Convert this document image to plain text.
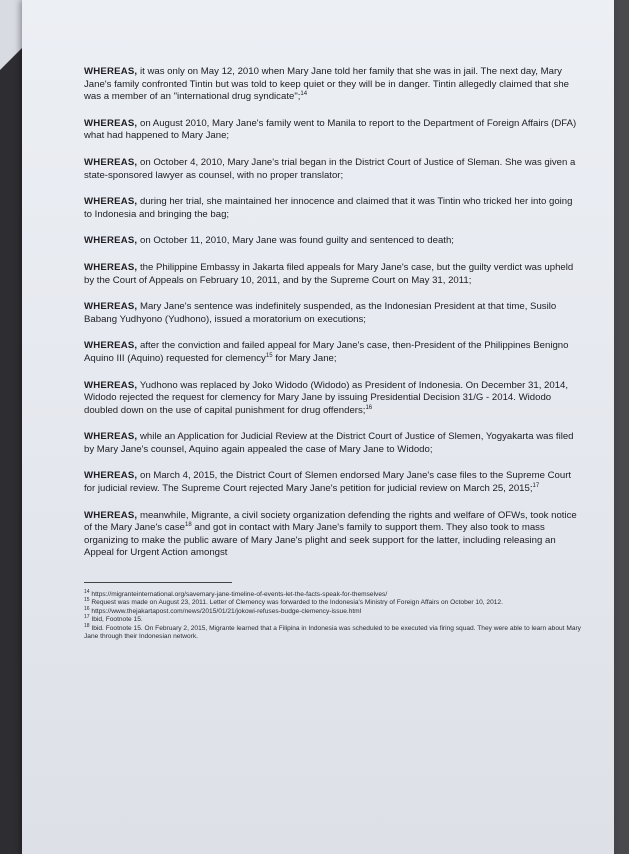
WHEREAS, it was only on May 12, 2010 when Mary Jane told her family that she was in jail. The next day, Mary Jane's family confronted Tintin but was told to keep quiet or they will be in danger. Tintin allegedly claimed that she was a member of an "international drug syndicate";$^{14}$

WHEREAS, on August 2010, Mary Jane's family went to Manila to report to the Department of Foreign Affairs (DFA) what had happened to Mary Jane;

WHEREAS, on October 4, 2010, Mary Jane's trial began in the District Court of Justice of Sleman. She was given a state-sponsored lawyer as counsel, with no proper translator;

WHEREAS, during her trial, she maintained her innocence and claimed that it was Tintin who tricked her into going to Indonesia and bringing the bag;

WHEREAS, on October 11, 2010, Mary Jane was found guilty and sentenced to death;

WHEREAS, the Philippine Embassy in Jakarta filed appeals for Mary Jane's case, but the guilty verdict was upheld by the Court of Appeals on February 10, 2011, and by the Supreme Court on May 31, 2011;

WHEREAS, Mary Jane's sentence was indefinitely suspended, as the Indonesian President at that time, Susilo Babang Yudhyono (Yudhono), issued a moratorium on executions;

WHEREAS, after the conviction and failed appeal for Mary Jane's case, then-President of the Philippines Benigno Aquino III (Aquino) requested for clemency$^{15}$ for Mary Jane;

WHEREAS, Yudhono was replaced by Joko Widodo (Widodo) as President of Indonesia. On December 31, 2014, Widodo rejected the request for clemency for Mary Jane by issuing Presidential Decision 31/G - 2014. Widodo doubled down on the use of capital punishment for drug offenders;$^{16}$

WHEREAS, while an Application for Judicial Review at the District Court of Justice of Slemen, Yogyakarta was filed by Mary Jane's counsel, Aquino again appealed the case of Mary Jane to Widodo;

WHEREAS, on March 4, 2015, the District Court of Slemen endorsed Mary Jane's case files to the Supreme Court for judicial review. The Supreme Court rejected Mary Jane's petition for judicial review on March 25, 2015;$^{17}$

WHEREAS, meanwhile, Migrante, a civil society organization defending the rights and welfare of OFWs, took notice of the Mary Jane's case$^{18}$ and got in contact with Mary Jane's family to support them. They also took to mass organizing to make the public aware of Mary Jane's plight and seek support for the latter, including releasing an Appeal for Urgent Action amongst

$^{14}$ https://migranteinternational.org/savemary-jane-timeline-of-events-let-the-facts-speak-for-themselves/

$^{15}$ Request was made on August 23, 2011. Letter of Clemency was forwarded to the Indonesia's Ministry of Foreign Affairs on October 10, 2012.

$^{16}$ https://www.thejakartapost.com/news/2015/01/21/jokowi-refuses-budge-clemency-issue.html

$^{17}$ Ibid, Footnote 15.

$^{18}$ Ibid. Footnote 15. On February 2, 2015, Migrante learned that a Filipina in Indonesia was scheduled to be executed via firing squad. They were able to learn about Mary Jane through their Indonesian network.
